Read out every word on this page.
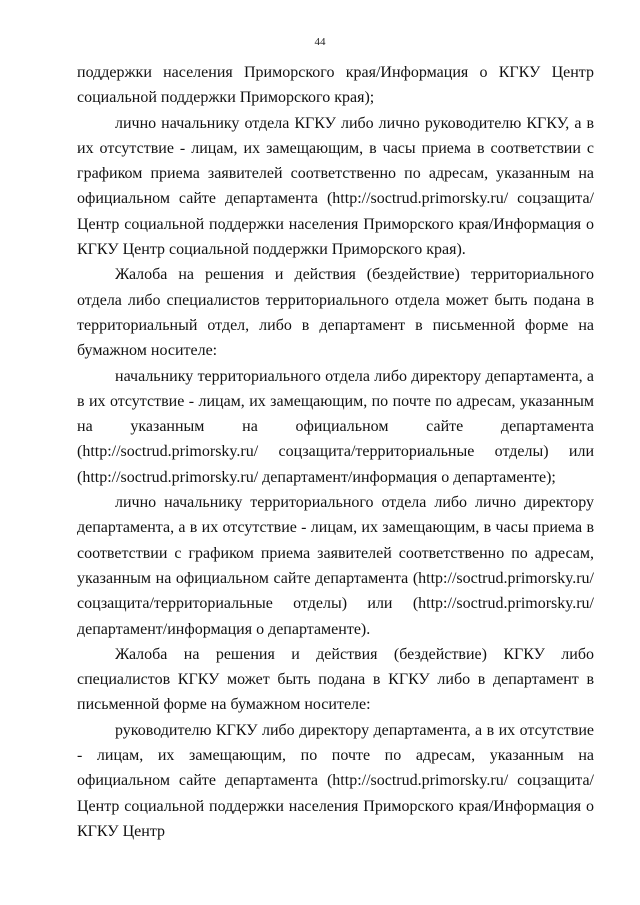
44

поддержки населения Приморского края/Информация о КГКУ Центр социальной поддержки Приморского края);

лично начальнику отдела КГКУ либо лично руководителю КГКУ, а в их отсутствие - лицам, их замещающим, в часы приема в соответствии с графиком приема заявителей соответственно по адресам, указанным на официальном сайте департамента (http://soctrud.primorsky.ru/ соцзащита/Центр социальной поддержки населения Приморского края/Информация о КГКУ Центр социальной поддержки Приморского края).

Жалоба на решения и действия (бездействие) территориального отдела либо специалистов территориального отдела может быть подана в территориальный отдел, либо в департамент в письменной форме на бумажном носителе:

начальнику территориального отдела либо директору департамента, а в их отсутствие - лицам, их замещающим, по почте по адресам, указанным на указанным на официальном сайте департамента (http://soctrud.primorsky.ru/ соцзащита/территориальные отделы) или (http://soctrud.primorsky.ru/ департамент/информация о департаменте);

лично начальнику территориального отдела либо лично директору департамента, а в их отсутствие - лицам, их замещающим, в часы приема в соответствии с графиком приема заявителей соответственно по адресам, указанным на официальном сайте департамента (http://soctrud.primorsky.ru/ соцзащита/территориальные отделы) или (http://soctrud.primorsky.ru/ департамент/информация о департаменте).

Жалоба на решения и действия (бездействие) КГКУ либо специалистов КГКУ может быть подана в КГКУ либо в департамент в письменной форме на бумажном носителе:

руководителю КГКУ либо директору департамента, а в их отсутствие - лицам, их замещающим, по почте по адресам, указанным на официальном сайте департамента (http://soctrud.primorsky.ru/ соцзащита/Центр социальной поддержки населения Приморского края/Информация о КГКУ Центр
